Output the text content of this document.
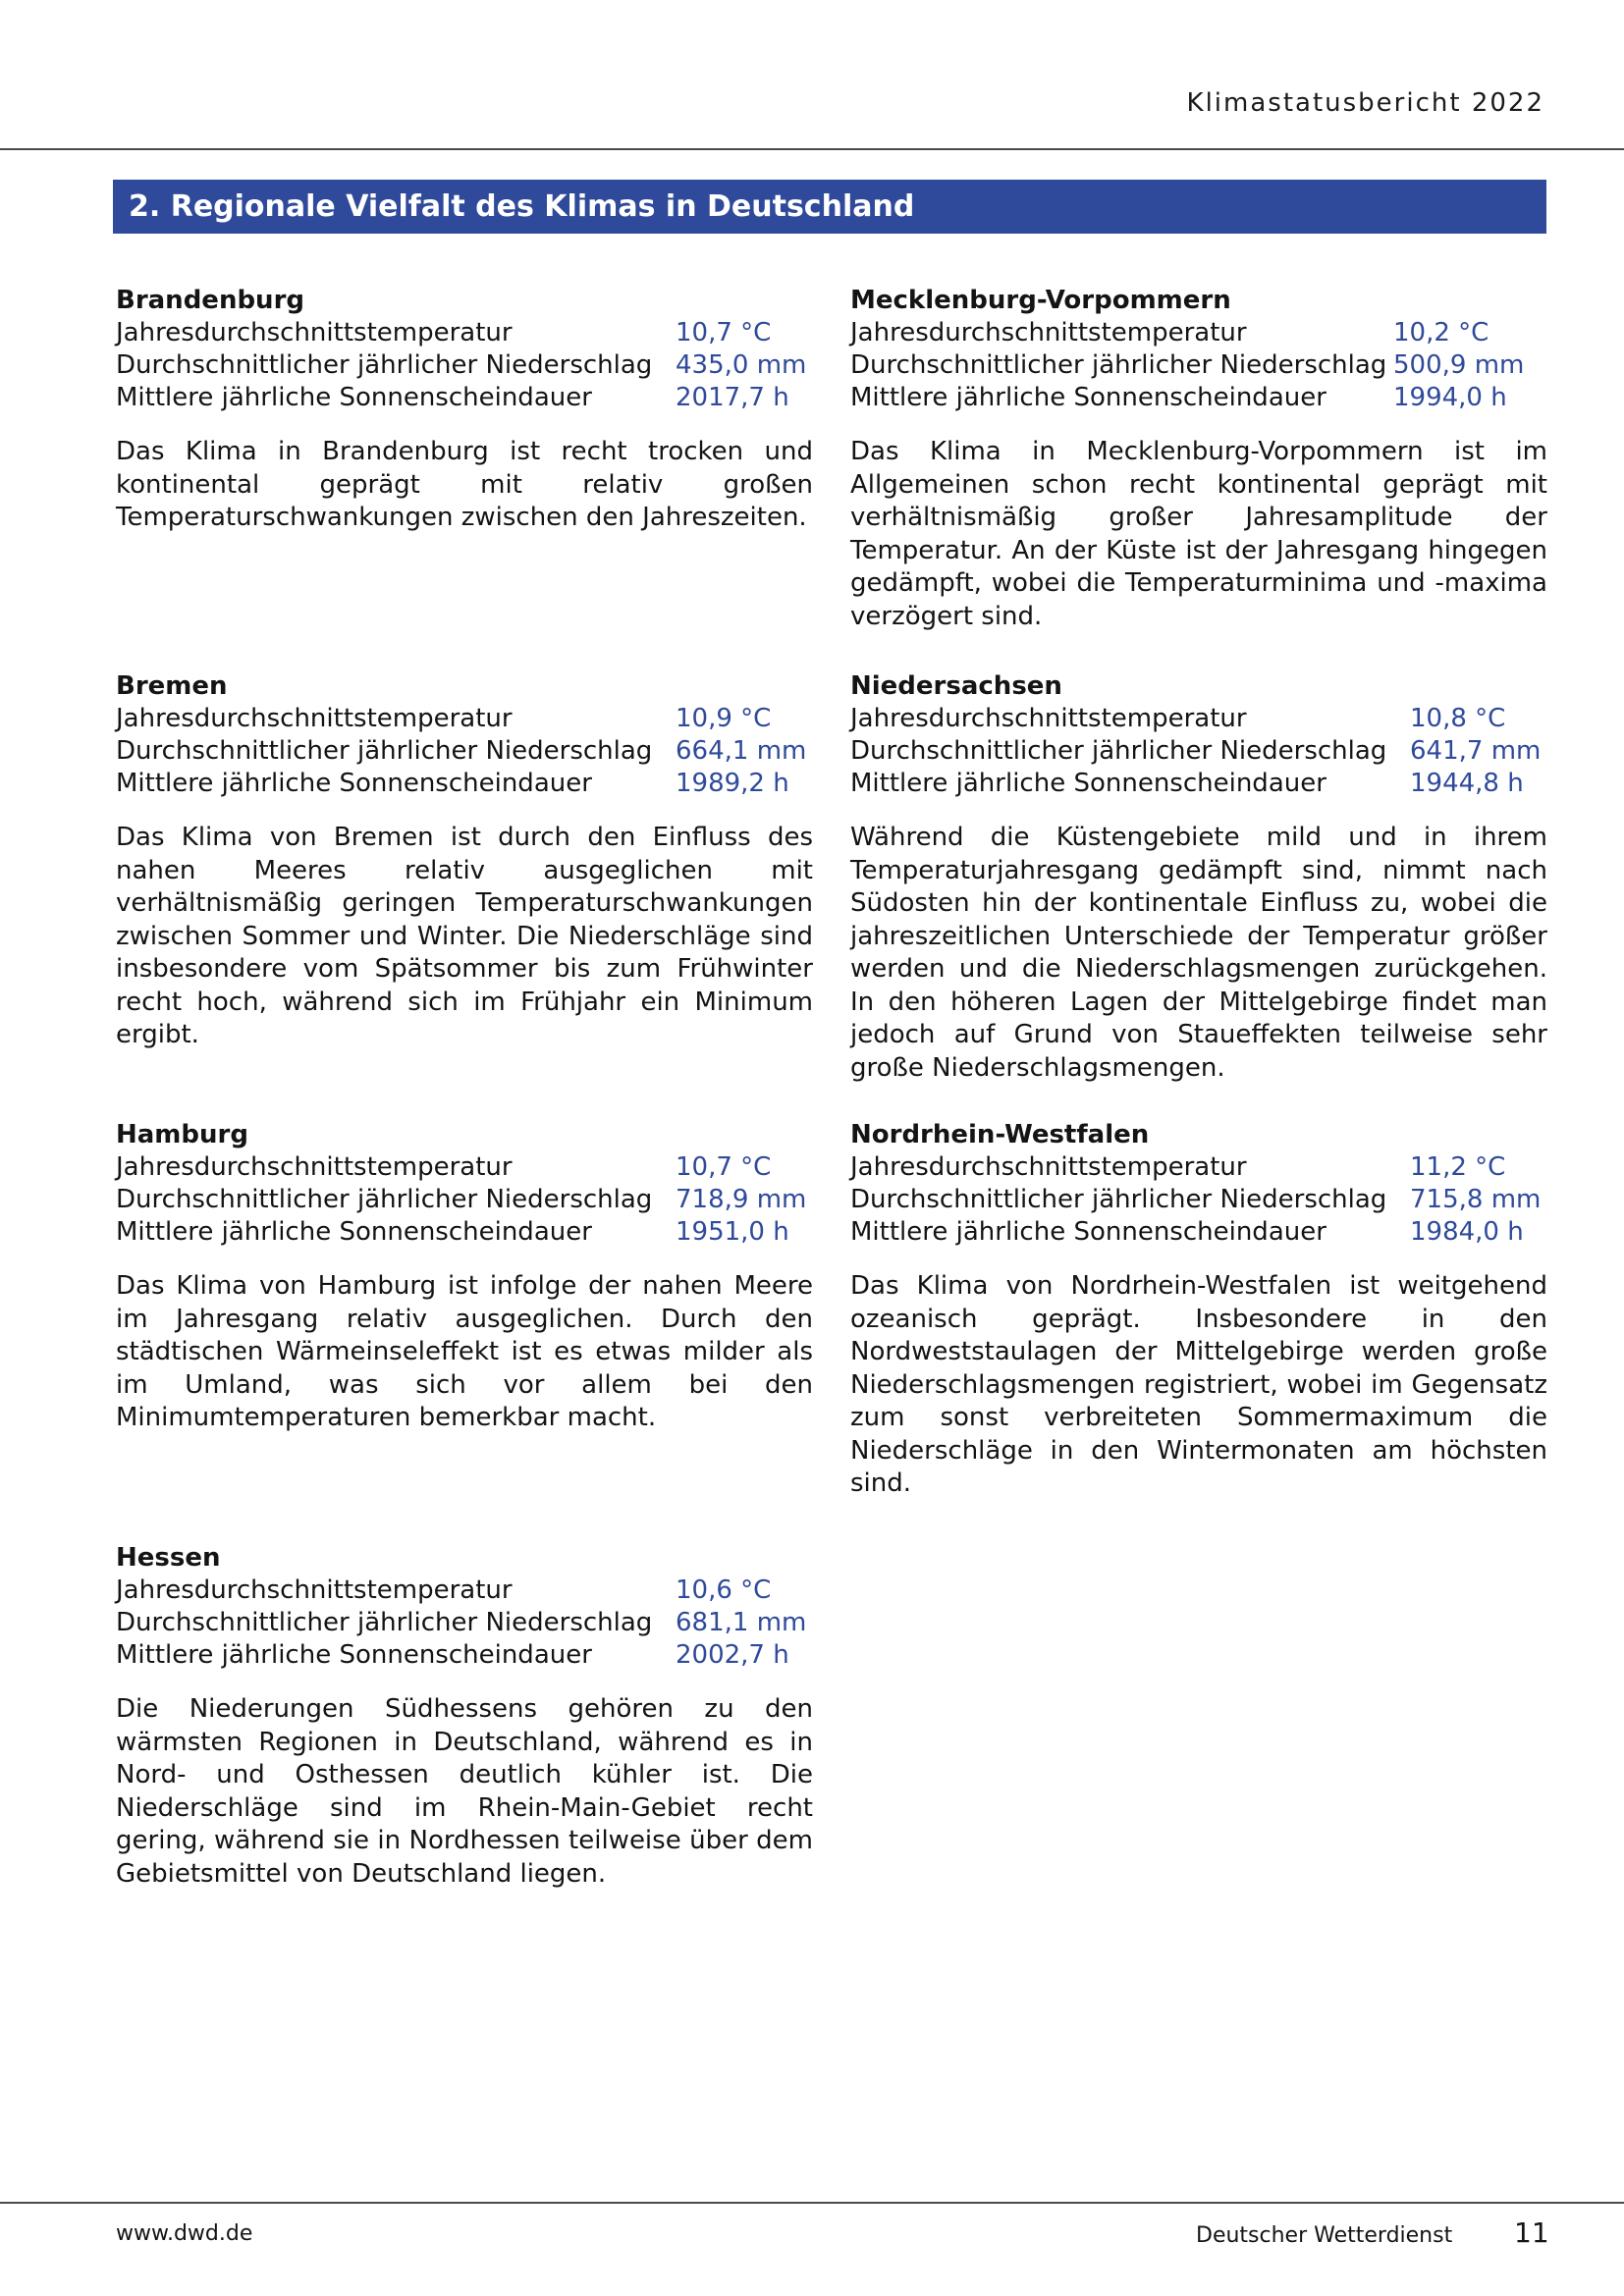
Klimastatusbericht 2022
2. Regionale Vielfalt des Klimas in Deutschland
Brandenburg
Jahresdurchschnittstemperatur	10,7 °C
Durchschnittlicher jährlicher Niederschlag 435,0 mm
Mittlere jährliche Sonnenscheindauer	2017,7 h
Das Klima in Brandenburg ist recht trocken und kontinental geprägt mit relativ großen Temperaturschwankungen zwischen den Jahreszeiten.
Mecklenburg-Vorpommern
Jahresdurchschnittstemperatur	10,2 °C
Durchschnittlicher jährlicher Niederschlag 500,9 mm
Mittlere jährliche Sonnenscheindauer	1994,0 h
Das Klima in Mecklenburg-Vorpommern ist im Allgemeinen schon recht kontinental geprägt mit verhältnismäßig großer Jahresamplitude der Temperatur. An der Küste ist der Jahresgang hingegen gedämpft, wobei die Temperaturminima und -maxima verzögert sind.
Bremen
Jahresdurchschnittstemperatur	10,9 °C
Durchschnittlicher jährlicher Niederschlag 664,1 mm
Mittlere jährliche Sonnenscheindauer	1989,2 h
Das Klima von Bremen ist durch den Einfluss des nahen Meeres relativ ausgeglichen mit verhältnismäßig geringen Temperaturschwankungen zwischen Sommer und Winter. Die Niederschläge sind insbesondere vom Spätsommer bis zum Frühwinter recht hoch, während sich im Frühjahr ein Minimum ergibt.
Niedersachsen
Jahresdurchschnittstemperatur	10,8 °C
Durchschnittlicher jährlicher Niederschlag 641,7 mm
Mittlere jährliche Sonnenscheindauer	1944,8 h
Während die Küstengebiete mild und in ihrem Temperaturjahresgang gedämpft sind, nimmt nach Südosten hin der kontinentale Einfluss zu, wobei die jahreszeitlichen Unterschiede der Temperatur größer werden und die Niederschlagsmengen zurückgehen. In den höheren Lagen der Mittelgebirge findet man jedoch auf Grund von Staueffekten teilweise sehr große Niederschlagsmengen.
Hamburg
Jahresdurchschnittstemperatur	10,7 °C
Durchschnittlicher jährlicher Niederschlag 718,9 mm
Mittlere jährliche Sonnenscheindauer	1951,0 h
Das Klima von Hamburg ist infolge der nahen Meere im Jahresgang relativ ausgeglichen. Durch den städtischen Wärmeinseleffekt ist es etwas milder als im Umland, was sich vor allem bei den Minimumtemperaturen bemerkbar macht.
Nordrhein-Westfalen
Jahresdurchschnittstemperatur	11,2 °C
Durchschnittlicher jährlicher Niederschlag 715,8 mm
Mittlere jährliche Sonnenscheindauer	1984,0 h
Das Klima von Nordrhein-Westfalen ist weitgehend ozeanisch geprägt. Insbesondere in den Nordweststaulagen der Mittelgebirge werden große Niederschlagsmengen registriert, wobei im Gegensatz zum sonst verbreiteten Sommermaximum die Niederschläge in den Wintermonaten am höchsten sind.
Hessen
Jahresdurchschnittstemperatur	10,6 °C
Durchschnittlicher jährlicher Niederschlag 681,1 mm
Mittlere jährliche Sonnenscheindauer	2002,7 h
Die Niederungen Südhessens gehören zu den wärmsten Regionen in Deutschland, während es in Nord- und Osthessen deutlich kühler ist. Die Niederschläge sind im Rhein-Main-Gebiet recht gering, während sie in Nordhessen teilweise über dem Gebietsmittel von Deutschland liegen.
www.dwd.de	Deutscher Wetterdienst 11
